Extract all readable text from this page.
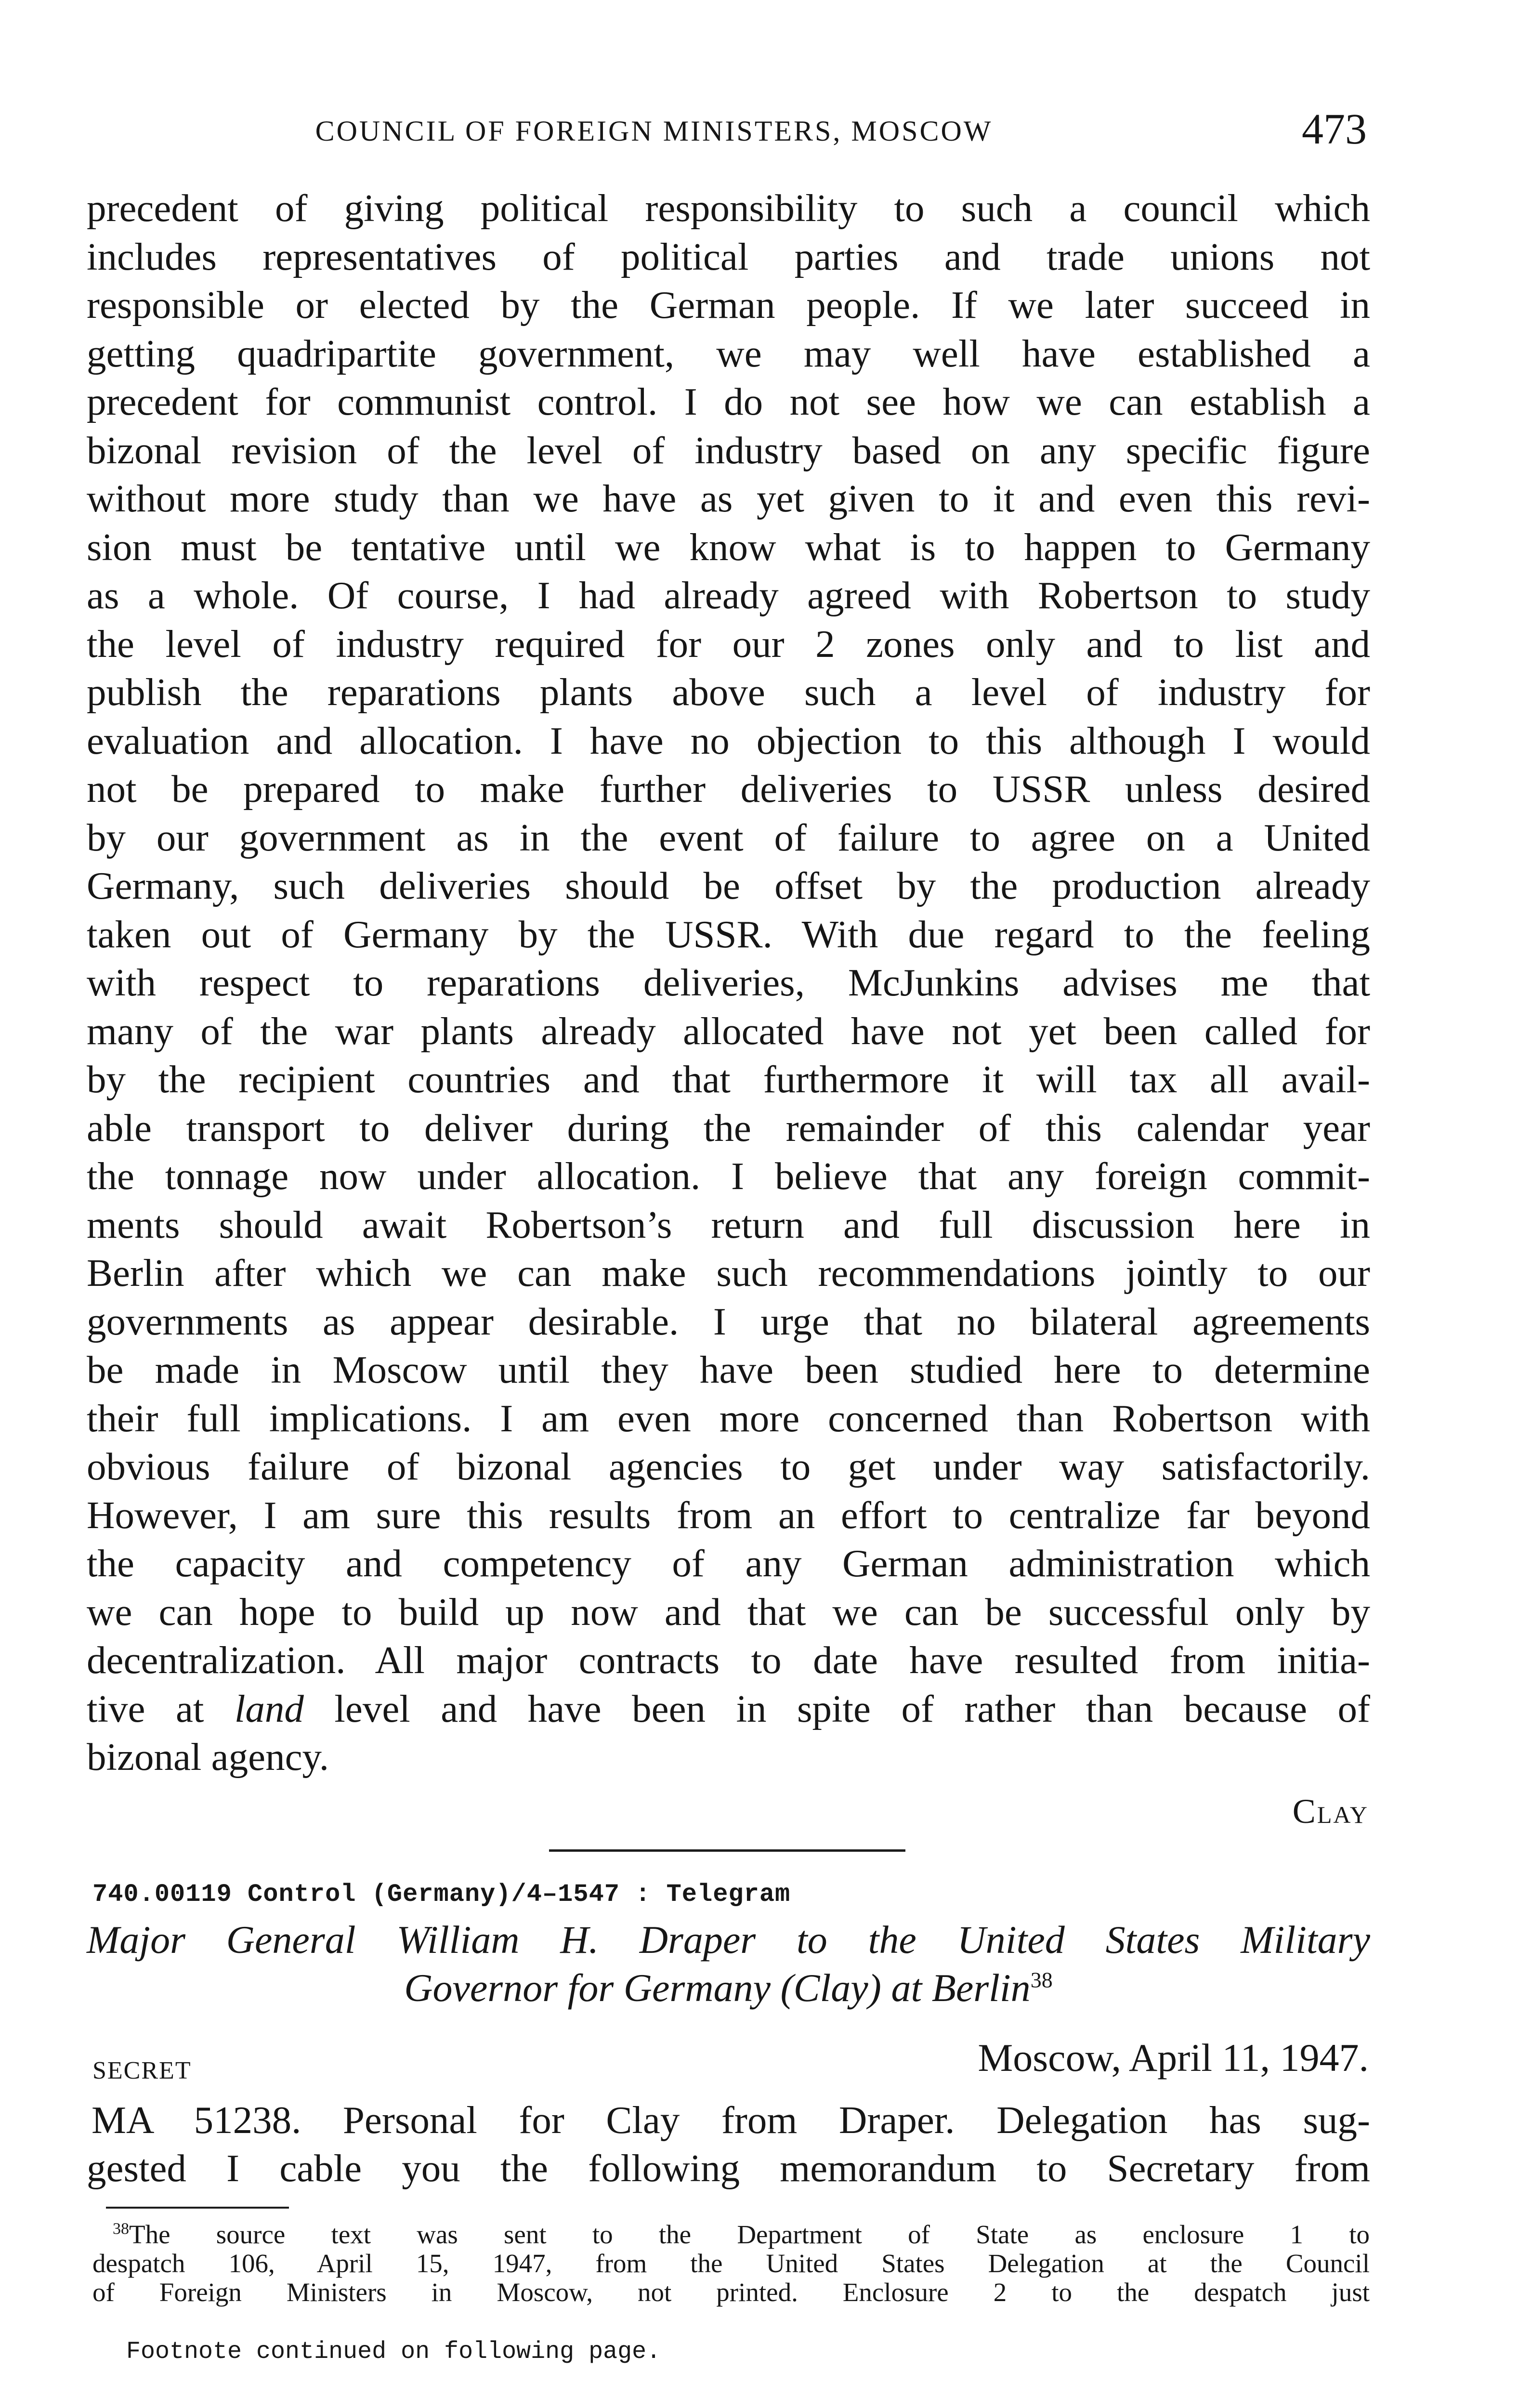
COUNCIL OF FOREIGN MINISTERS, MOSCOW	473
precedent of giving political responsibility to such a council which
includes representatives of political parties and trade unions not
responsible or elected by the German people. If we later succeed in
getting quadripartite government, we may well have established a
precedent for communist control. I do not see how we can establish a
bizonal revision of the level of industry based on any specific figure
without more study than we have as yet given to it and even this revi-
sion must be tentative until we know what is to happen to Germany
as a whole. Of course, I had already agreed with Robertson to study
the level of industry required for our 2 zones only and to list and
publish the reparations plants above such a level of industry for
evaluation and allocation. I have no objection to this although I would
not be prepared to make further deliveries to USSR unless desired
by our government as in the event of failure to agree on a United
Germany, such deliveries should be offset by the production already
taken out of Germany by the USSR. With due regard to the feeling
with respect to reparations deliveries, McJunkins advises me that
many of the war plants already allocated have not yet been called for
by the recipient countries and that furthermore it will tax all avail-
able transport to deliver during the remainder of this calendar year
the tonnage now under allocation. I believe that any foreign commit-
ments should await Robertson’s return and full discussion here in
Berlin after which we can make such recommendations jointly to our
governments as appear desirable. I urge that no bilateral agreements
be made in Moscow until they have been studied here to determine
their full implications. I am even more concerned than Robertson with
obvious failure of bizonal agencies to get under way satisfactorily.
However, I am sure this results from an effort to centralize far beyond
the capacity and competency of any German administration which
we can hope to build up now and that we can be successful only by
decentralization. All major contracts to date have resulted from initia-
tive at land level and have been in spite of rather than because of
bizonal agency.
Clay
740.00119 Control (Germany)/4–1547 : Telegram
Major General William H. Draper to the United States Military
Governor for Germany (Clay) at Berlin$^{38}$
SECRET	Moscow, April 11, 1947.
MA 51238. Personal for Clay from Draper. Delegation has sug-
gested I cable you the following memorandum to Secretary from
$^{38}$The source text was sent to the Department of State as enclosure 1 to
despatch 106, April 15, 1947, from the United States Delegation at the Council
of Foreign Ministers in Moscow, not printed. Enclosure 2 to the despatch just
Footnote continued on following page.
